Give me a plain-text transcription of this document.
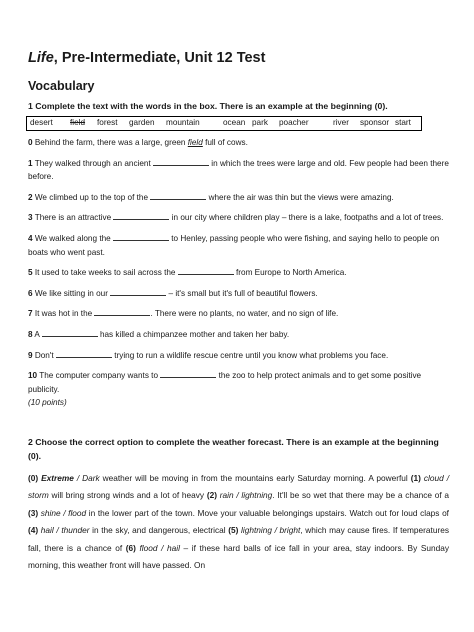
Life, Pre-Intermediate, Unit 12 Test
Vocabulary
1 Complete the text with the words in the box. There is an example at the beginning (0).
desert field forest garden mountain	ocean park poacher	river sponsor start

0 Behind the farm, there was a large, green field full of cows.

1 They walked through an ancient	in which the trees were large and old. Few people had been there before.

2 We climbed up to the top of the	where the air was thin but the views were amazing.

3 There is an attractive	in our city where children play – there is a lake, footpaths and a lot of trees.

4 We walked along the	to Henley, passing people who were fishing, and saying hello to people on boats who went past.

5 It used to take weeks to sail across the	from Europe to North America.

6 We like sitting in our	– it's small but it's full of beautiful flowers.

7 It was hot in the	. There were no plants, no water, and no sign of life.

8 A	has killed a chimpanzee mother and taken her baby.

9 Don't	trying to run a wildlife rescue centre until you know what problems you face.

10 The computer company wants to	the zoo to help protect animals and to get some positive publicity.

(10 points)

2 Choose the correct option to complete the weather forecast. There is an example at the beginning (0).
(0) Extreme / Dark weather will be moving in from the mountains early Saturday morning. A powerful (1) cloud / storm will bring strong winds and a lot of heavy (2) rain / lightning. It'll be so wet that there may be a chance of a (3) shine / flood in the lower part of the town. Move your valuable belongings upstairs. Watch out for loud claps of (4) hail / thunder in the sky, and dangerous, electrical (5) lightning / bright, which may cause fires. If temperatures fall, there is a chance of (6) flood / hail – if these hard balls of ice fall in your area, stay indoors. By Sunday morning, this weather front will have passed. On
